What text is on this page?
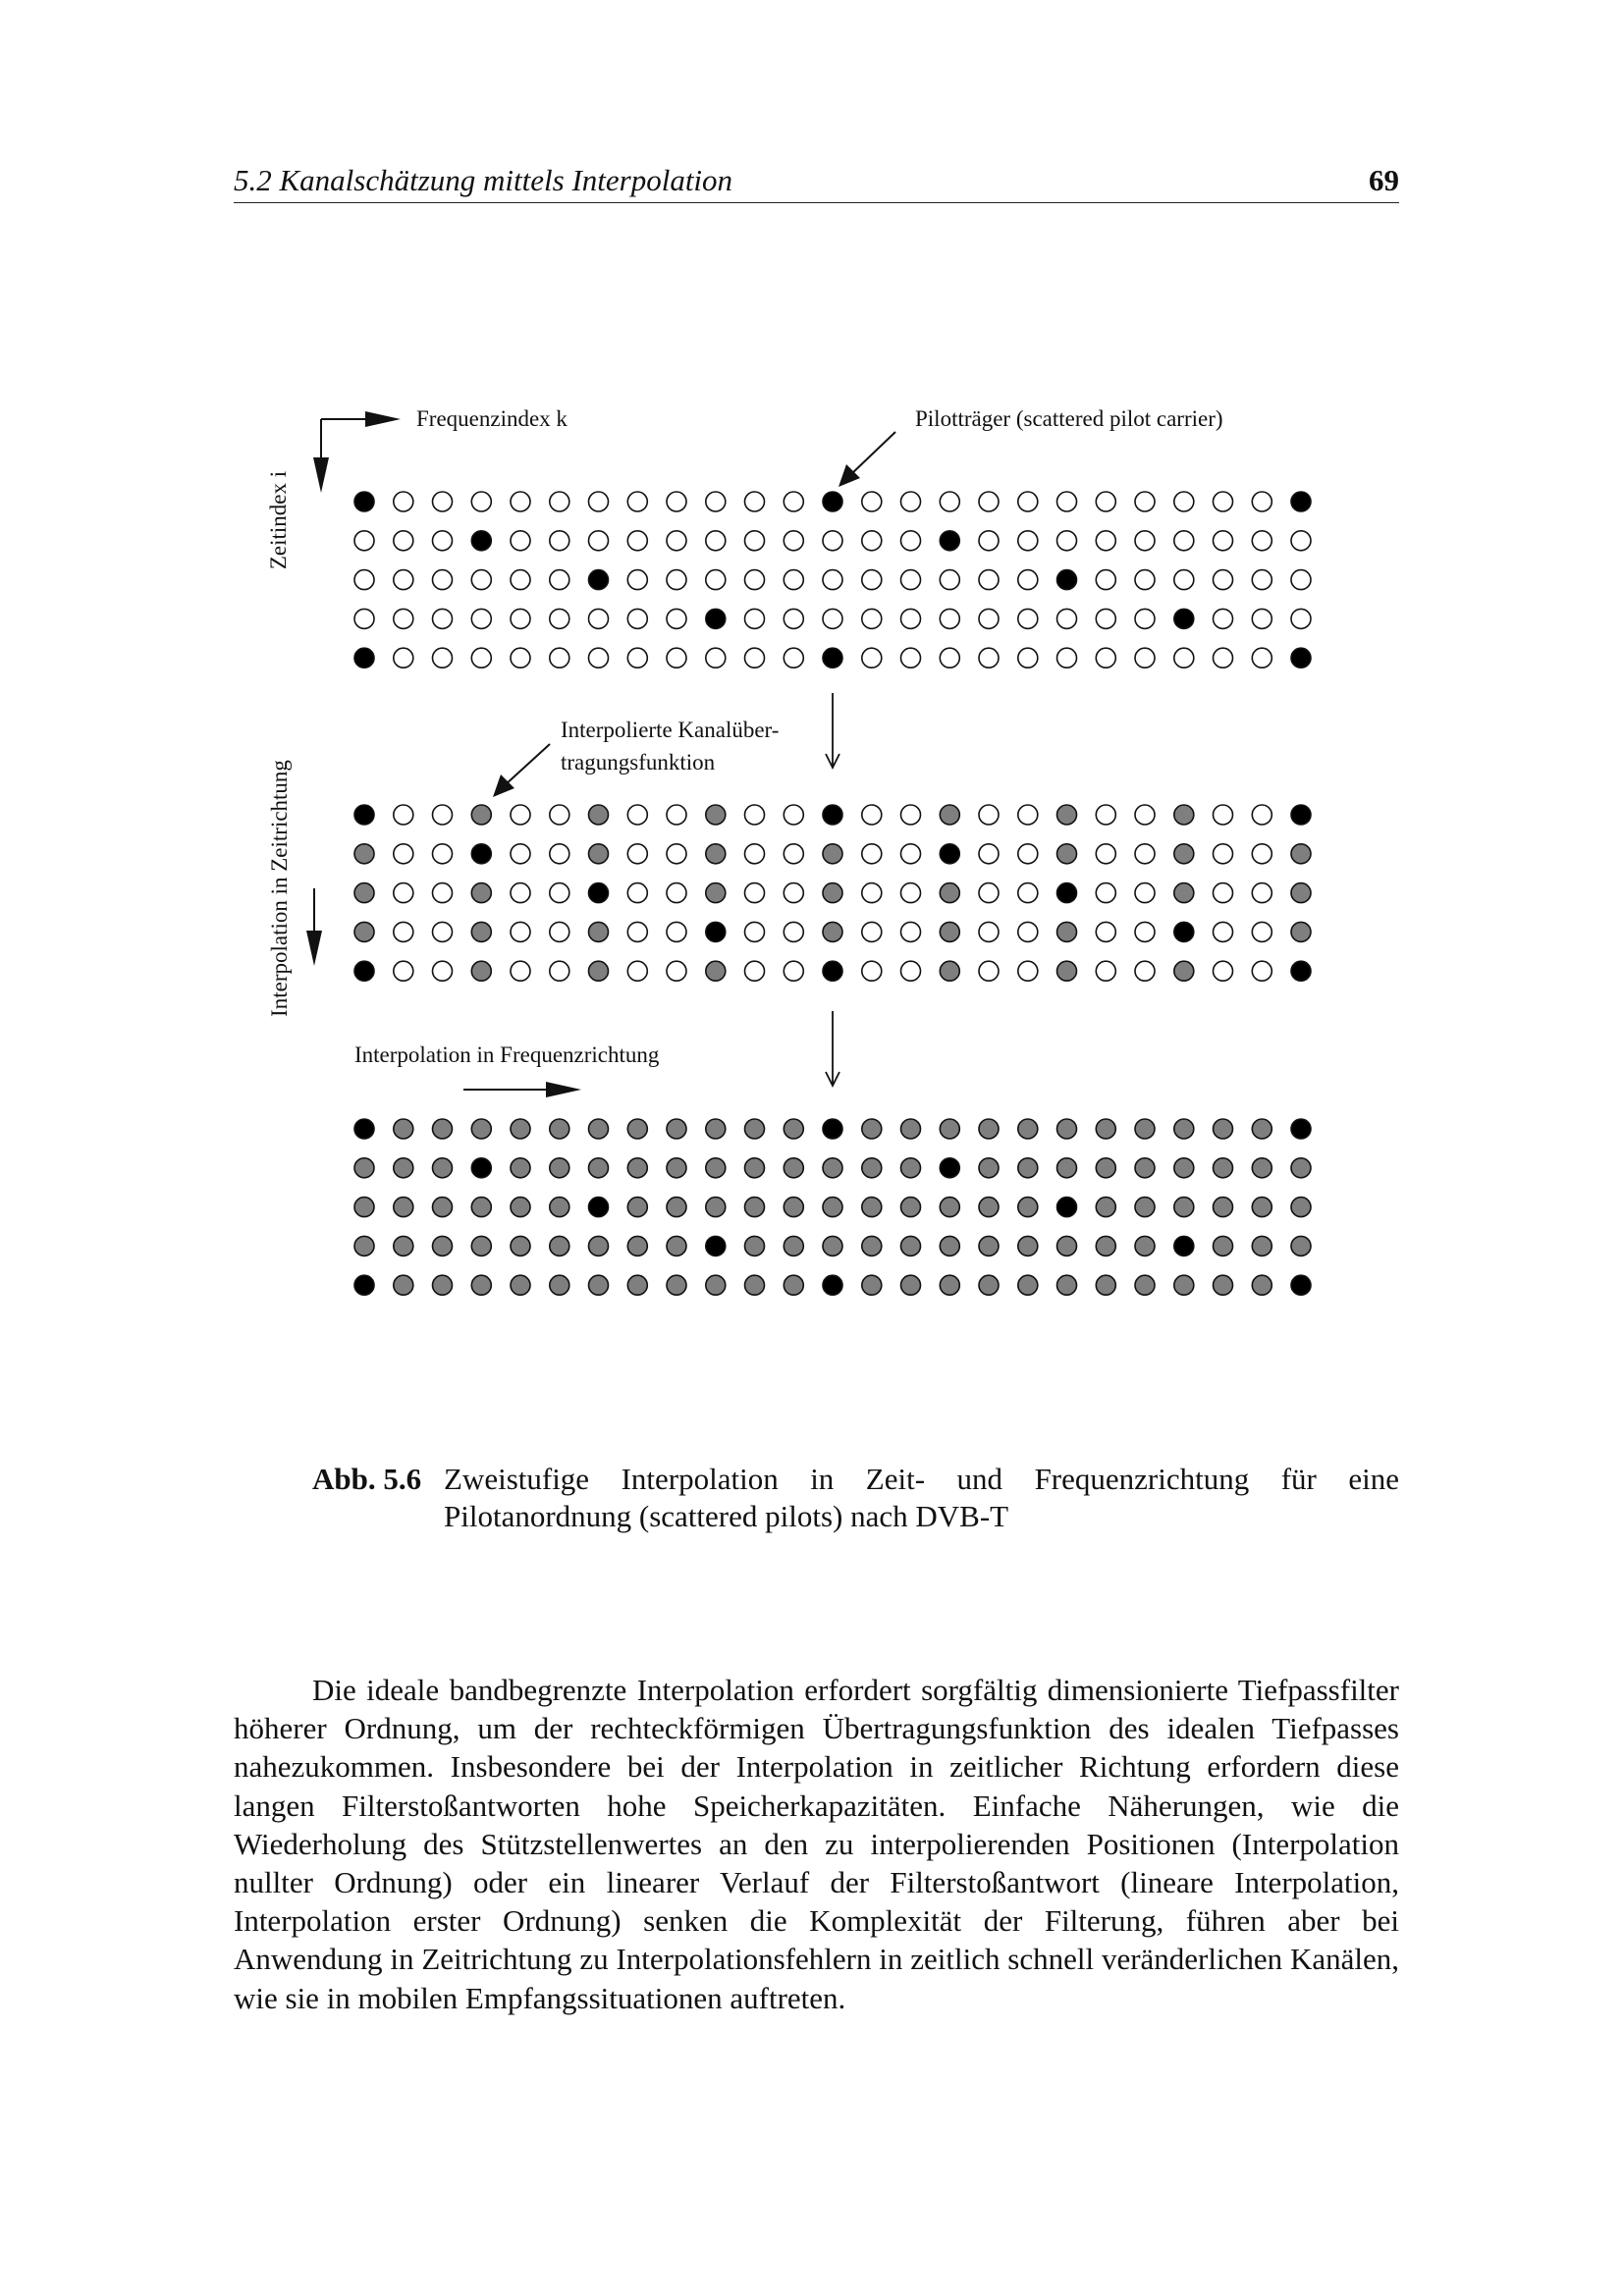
5.2 Kanalschätzung mittels Interpolation	69
Frequenzindex k
Zeitindex i
Pilotträger (scattered pilot carrier)
Interpolierte Kanalüber-
tragungsfunktion
Interpolation in Zeitrichtung
Interpolation in Frequenzrichtung
Abb. 5.6 Zweistufige Interpolation in Zeit- und Frequenzrichtung für eine Pilotanordnung (scattered pilots) nach DVB-T

Die ideale bandbegrenzte Interpolation erfordert sorgfältig dimensionierte Tiefpassfilter höherer Ordnung, um der rechteckförmigen Übertragungsfunktion des idealen Tiefpasses nahezukommen. Insbesondere bei der Interpolation in zeitlicher Richtung erfordern diese langen Filterstoßantworten hohe Speicherkapazitäten. Einfache Näherungen, wie die Wiederholung des Stützstellenwertes an den zu interpolierenden Positionen (Interpolation nullter Ordnung) oder ein linearer Verlauf der Filterstoßantwort (lineare Interpolation, Interpolation erster Ordnung) senken die Komplexität der Filterung, führen aber bei Anwendung in Zeitrichtung zu Interpolationsfehlern in zeitlich schnell veränderlichen Kanälen, wie sie in mobilen Empfangssituationen auftreten.
